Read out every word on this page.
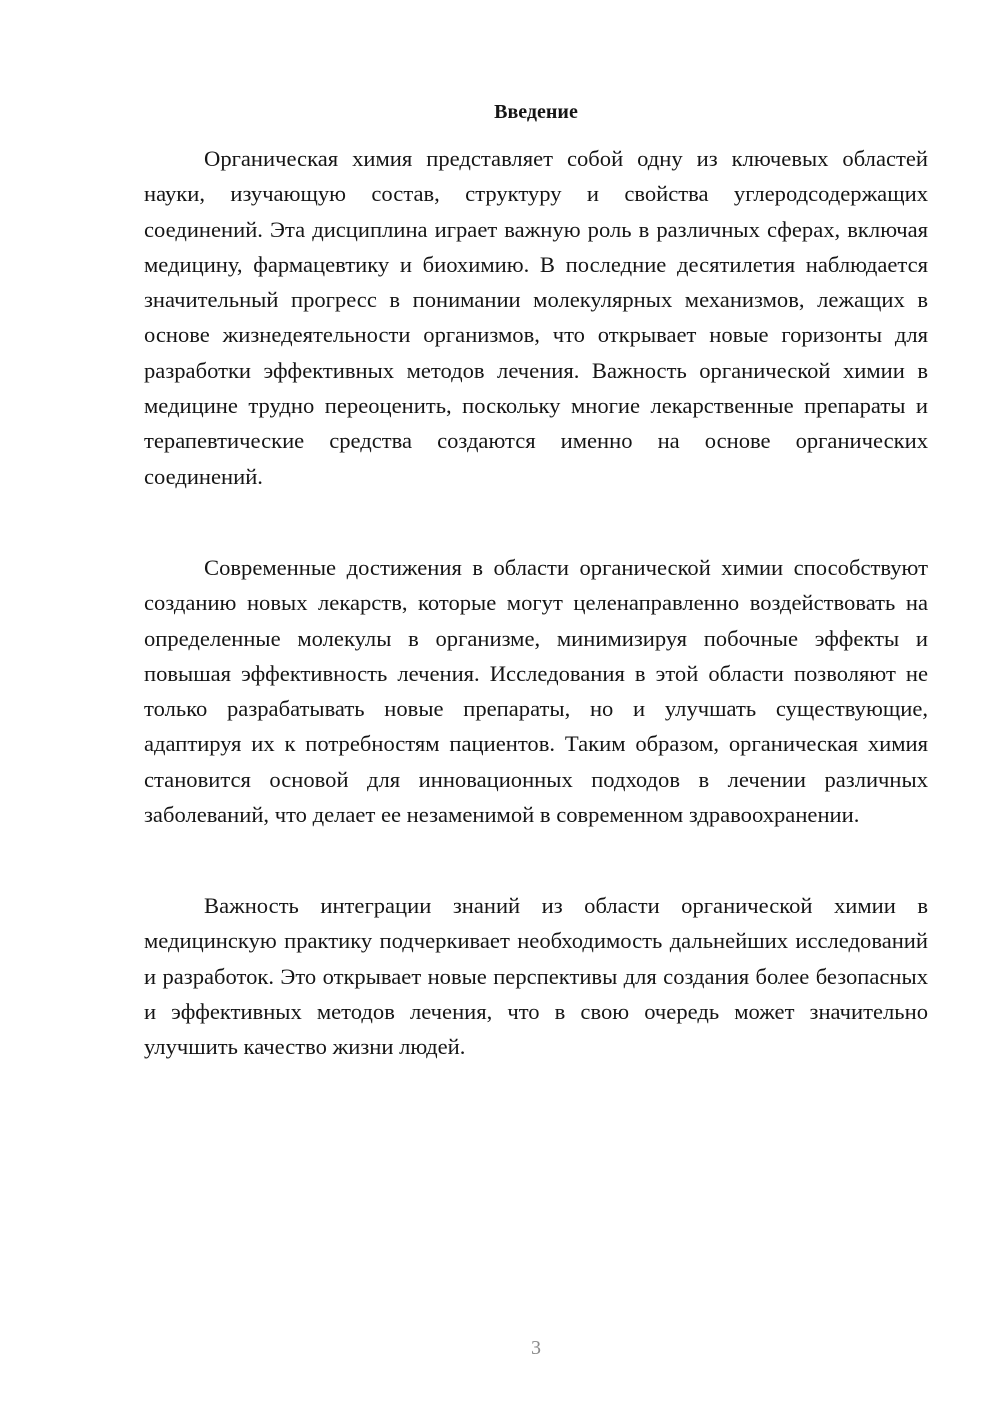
Введение

Органическая химия представляет собой одну из ключевых областей науки, изучающую состав, структуру и свойства углеродсодержащих соединений. Эта дисциплина играет важную роль в различных сферах, включая медицину, фармацевтику и биохимию. В последние десятилетия наблюдается значительный прогресс в понимании молекулярных механизмов, лежащих в основе жизнедеятельности организмов, что открывает новые горизонты для разработки эффективных методов лечения. Важность органической химии в медицине трудно переоценить, поскольку многие лекарственные препараты и терапевтические средства создаются именно на основе органических соединений.

Современные достижения в области органической химии способствуют созданию новых лекарств, которые могут целенаправленно воздействовать на определенные молекулы в организме, минимизируя побочные эффекты и повышая эффективность лечения. Исследования в этой области позволяют не только разрабатывать новые препараты, но и улучшать существующие, адаптируя их к потребностям пациентов. Таким образом, органическая химия становится основой для инновационных подходов в лечении различных заболеваний, что делает ее незаменимой в современном здравоохранении.

Важность интеграции знаний из области органической химии в медицинскую практику подчеркивает необходимость дальнейших исследований и разработок. Это открывает новые перспективы для создания более безопасных и эффективных методов лечения, что в свою очередь может значительно улучшить качество жизни людей.

3
